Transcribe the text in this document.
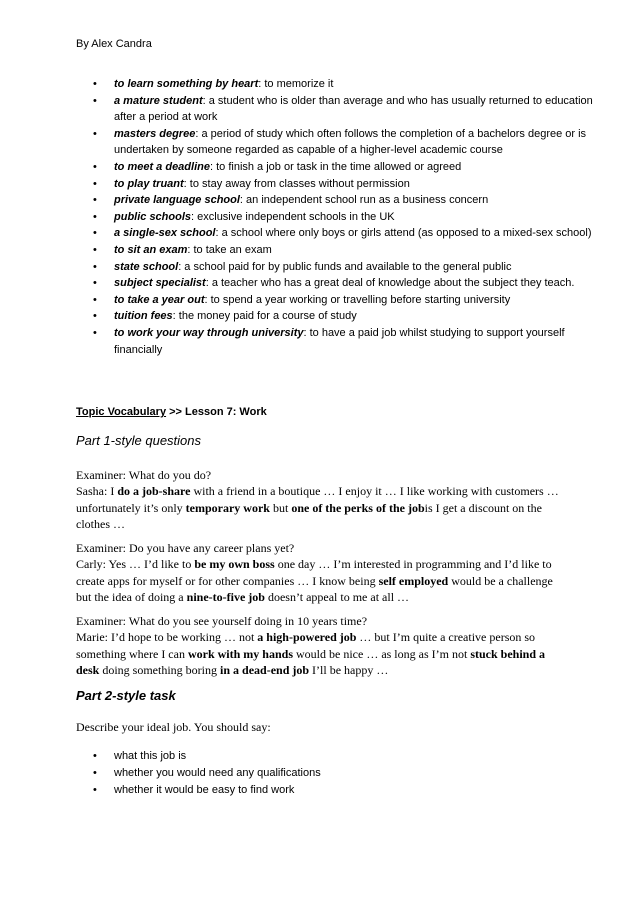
By Alex Candra
• to learn something by heart: to memorize it
• a mature student: a student who is older than average and who has usually returned to education after a period at work
• masters degree: a period of study which often follows the completion of a bachelors degree or is undertaken by someone regarded as capable of a higher-level academic course
• to meet a deadline: to finish a job or task in the time allowed or agreed
• to play truant: to stay away from classes without permission
• private language school: an independent school run as a business concern
• public schools: exclusive independent schools in the UK
• a single-sex school: a school where only boys or girls attend (as opposed to a mixed-sex school)
• to sit an exam: to take an exam
• state school: a school paid for by public funds and available to the general public
• subject specialist: a teacher who has a great deal of knowledge about the subject they teach.
• to take a year out: to spend a year working or travelling before starting university
• tuition fees: the money paid for a course of study
• to work your way through university: to have a paid job whilst studying to support yourself financially
Topic Vocabulary >> Lesson 7: Work
Part 1-style questions

Examiner: What do you do?

Sasha: I do a job-share with a friend in a boutique … I enjoy it … I like working with customers … unfortunately it’s only temporary work but one of the perks of the jobis I get a discount on the clothes …

Examiner: Do you have any career plans yet?

Carly: Yes … I’d like to be my own boss one day … I’m interested in programming and I’d like to create apps for myself or for other companies … I know being self employed would be a challenge but the idea of doing a nine-to-five job doesn’t appeal to me at all …

Examiner: What do you see yourself doing in 10 years time?

Marie: I’d hope to be working … not a high-powered job … but I’m quite a creative person so something where I can work with my hands would be nice … as long as I’m not stuck behind a desk doing something boring in a dead-end job I’ll be happy …

Part 2-style task
Describe your ideal job. You should say:
• what this job is
• whether you would need any qualifications
• whether it would be easy to find work
